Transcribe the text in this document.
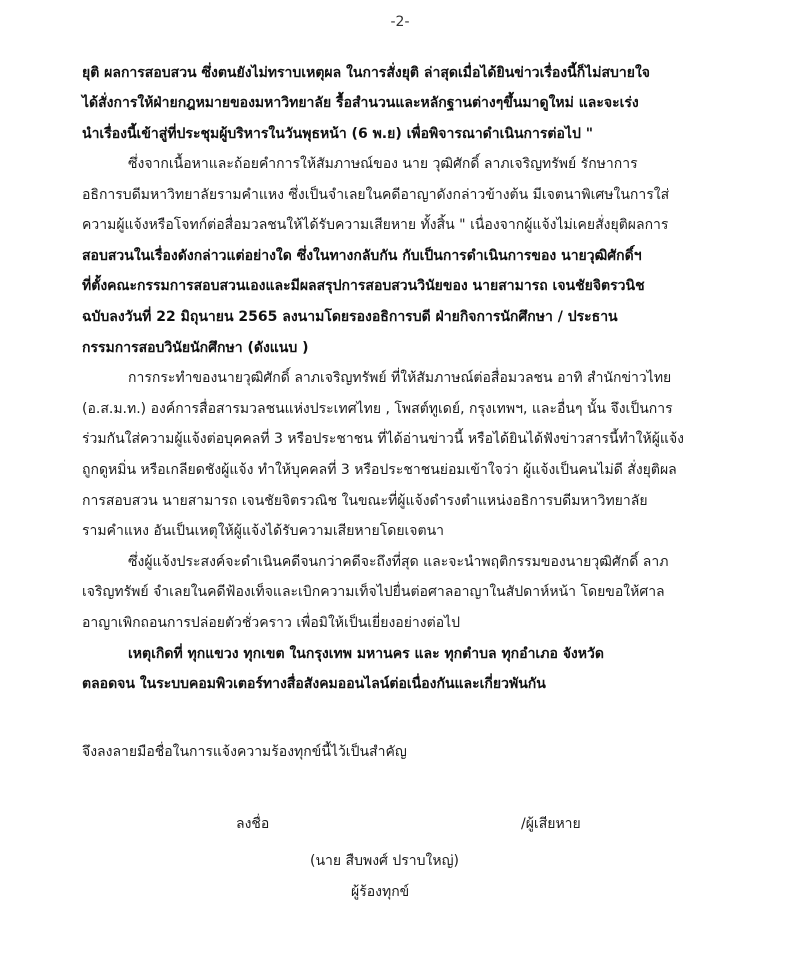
-2-

ยุติ ผลการสอบสวน ซึ่งตนยังไม่ทราบเหตุผล ในการสั่งยุติ ล่าสุดเมื่อได้ยินข่าวเรื่องนี้ก็ไม่สบายใจ

ได้สั่งการให้ฝ่ายกฎหมายของมหาวิทยาลัย รื้อสำนวนและหลักฐานต่างๆขึ้นมาดูใหม่ และจะเร่ง

นำเรื่องนี้เข้าสู่ที่ประชุมผู้บริหารในวันพุธหน้า (6 พ.ย) เพื่อพิจารณาดำเนินการต่อไป "

ซึ่งจากเนื้อหาและถ้อยคำการให้สัมภาษณ์ของ นาย วุฒิศักดิ์ ลาภเจริญทรัพย์ รักษาการ

อธิการบดีมหาวิทยาลัยรามคำแหง ซึ่งเป็นจำเลยในคดีอาญาดังกล่าวข้างต้น มีเจตนาพิเศษในการใส่

ความผู้แจ้งหรือโจทก์ต่อสื่อมวลชนให้ได้รับความเสียหาย ทั้งสิ้น " เนื่องจากผู้แจ้งไม่เคยสั่งยุติผลการ

สอบสวนในเรื่องดังกล่าวแต่อย่างใด ซึ่งในทางกลับกัน กับเป็นการดำเนินการของ นายวุฒิศักดิ์ฯ

ที่ตั้งคณะกรรมการสอบสวนเองและมีผลสรุปการสอบสวนวินัยของ นายสามารถ เจนชัยจิตรวนิช

ฉบับลงวันที่ 22 มิถุนายน 2565 ลงนามโดยรองอธิการบดี ฝ่ายกิจการนักศึกษา / ประธาน

กรรมการสอบวินัยนักศึกษา (ดังแนบ )

การกระทำของนายวุฒิศักดิ์ ลาภเจริญทรัพย์ ที่ให้สัมภาษณ์ต่อสื่อมวลชน อาทิ สำนักข่าวไทย

(อ.ส.ม.ท.) องค์การสื่อสารมวลชนแห่งประเทศไทย , โพสต์ทูเดย์, กรุงเทพฯ, และอื่นๆ นั้น จึงเป็นการ

ร่วมกันใส่ความผู้แจ้งต่อบุคคลที่ 3 หรือประชาชน ที่ได้อ่านข่าวนี้ หรือได้ยินได้ฟังข่าวสารนี้ทำให้ผู้แจ้ง

ถูกดูหมิ่น หรือเกลียดชังผู้แจ้ง ทำให้บุคคลที่ 3 หรือประชาชนย่อมเข้าใจว่า ผู้แจ้งเป็นคนไม่ดี สั่งยุติผล

การสอบสวน นายสามารถ เจนชัยจิตรวณิช ในขณะที่ผู้แจ้งดำรงตำแหน่งอธิการบดีมหาวิทยาลัย

รามคำแหง อันเป็นเหตุให้ผู้แจ้งได้รับความเสียหายโดยเจตนา

ซึ่งผู้แจ้งประสงค์จะดำเนินคดีจนกว่าคดีจะถึงที่สุด และจะนำพฤติกรรมของนายวุฒิศักดิ์ ลาภ

เจริญทรัพย์ จำเลยในคดีฟ้องเท็จและเบิกความเท็จไปยื่นต่อศาลอาญาในสัปดาห์หน้า โดยขอให้ศาล

อาญาเพิกถอนการปล่อยตัวชั่วคราว เพื่อมิให้เป็นเยี่ยงอย่างต่อไป

เหตุเกิดที่ ทุกแขวง ทุกเขต ในกรุงเทพ มหานคร และ ทุกตำบล ทุกอำเภอ จังหวัด

ตลอดจน ในระบบคอมพิวเตอร์ทางสื่อสังคมออนไลน์ต่อเนื่องกันและเกี่ยวพันกัน

จึงลงลายมือชื่อในการแจ้งความร้องทุกข์นี้ไว้เป็นสำคัญ

ลงชื่อ	/ผู้เสียหาย

(นาย สืบพงศ์ ปราบใหญ่)

ผู้ร้องทุกข์
